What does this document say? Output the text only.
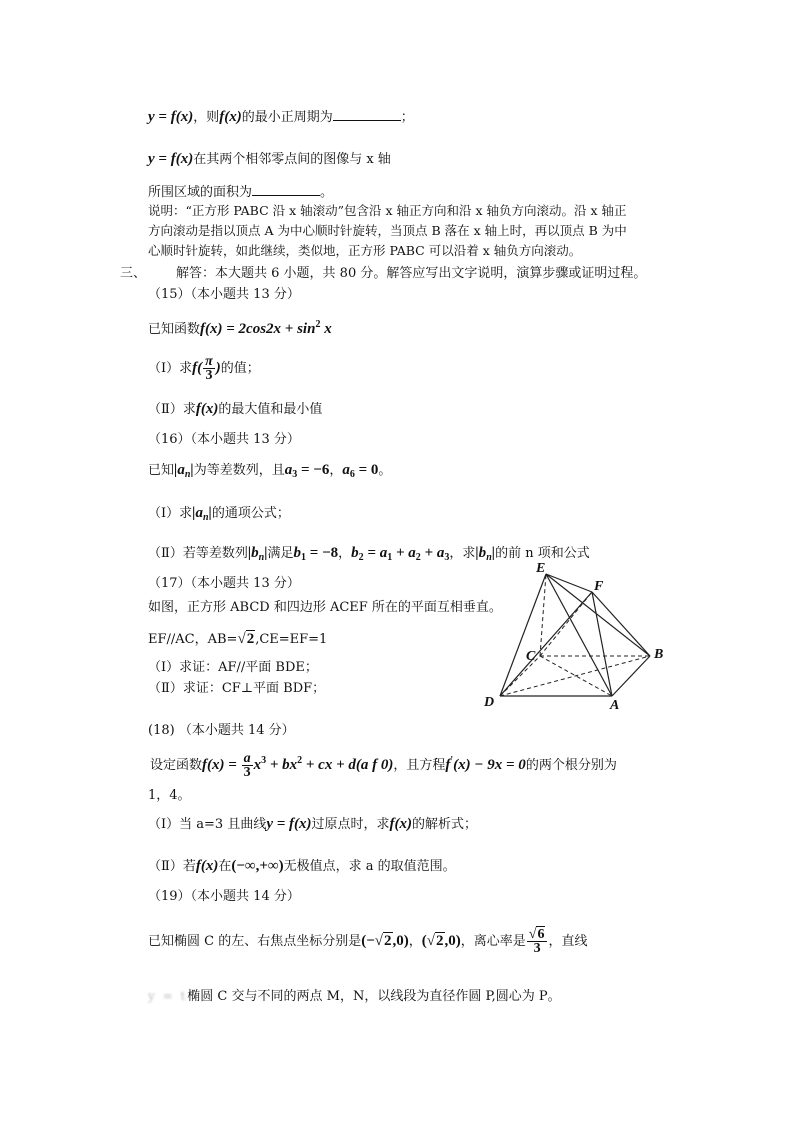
y = f(x)，则f(x)的最小正周期为	；
y = f(x)在其两个相邻零点间的图像与 x 轴
所围区域的面积为	。
说明：“正方形 PABC 沿 x 轴滚动”包含沿 x 轴正方向和沿 x 轴负方向滚动。沿 x 轴正
方向滚动是指以顶点 A 为中心顺时针旋转，当顶点 B 落在 x 轴上时，再以顶点 B 为中
心顺时针旋转，如此继续，类似地，正方形 PABC 可以沿着 x 轴负方向滚动。
三、 解答：本大题共 6 小题，共 80 分。解答应写出文字说明，演算步骤或证明过程。
（15）（本小题共 13 分）
已知函数$f(x) = 2\cos 2x + \sin^2 x$
（Ⅰ）求$f( \frac{\pi}{3}$ )的值；
（Ⅱ）求f(x)的最大值和最小值
（16）（本小题共 13 分）
已知$|a_n|$为等差数列，且$a_3 = -6$，$a_6 = 0$。
（Ⅰ）求$|a_n|$的通项公式；
（Ⅱ）若等差数列$|b_n|$满足$b_1 = -8$，$b_2 = a_1 + a_2 + a_3$，求$|b_n|$的前 n 项和公式
（17）（本小题共 13 分）
如图，正方形 ABCD 和四边形 ACEF 所在的平面互相垂直。
EF//AC，AB=√2,CE=EF=1
（Ⅰ）求证：AF//平面 BDE；
（Ⅱ）求证：CF⊥平面 BDF；
E
F
C	B
D	A
(18) （本小题共 14 分）
设定函数$f(x) = \frac{a}{3} x^3 + bx^2$ + cx + d(a f 0)，且方程f'(x) − 9x = 0的两个根分别为
1，4。
（Ⅰ）当 a=3 且曲线y = f(x)过原点时，求f(x)的解析式；
（Ⅱ）若f(x)在(−∞,+∞)无极值点，求 a 的取值范围。
（19）（本小题共 14 分）
已知椭圆 C 的左、右焦点坐标分别是(−√2,0)，(√2,0)，离心率是 $\frac{√6}{3}$ ，直线
y = t椭圆 C 交与不同的两点 M，N，以线段为直径作圆 P,圆心为 P。
